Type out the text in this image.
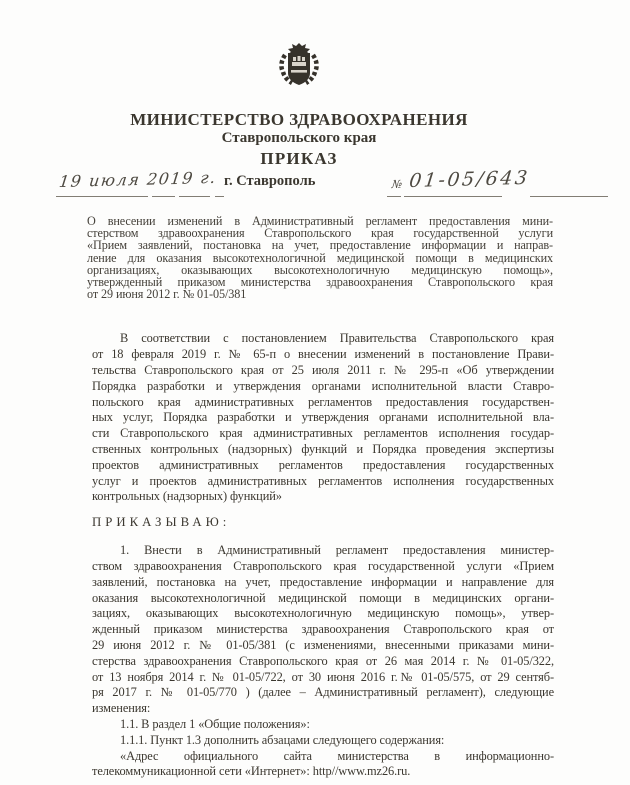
МИНИСТЕРСТВО ЗДРАВООХРАНЕНИЯ
Ставропольского края
ПРИКАЗ
19 июля 2019 г. г. Ставрополь	№ 01-05/643
О внесении изменений в Административный регламент предоставления мини-
стерством здравоохранения Ставропольского края государственной услуги
«Прием заявлений, постановка на учет, предоставление информации и направ-
ление для оказания высокотехнологичной медицинской помощи в медицинских
организациях, оказывающих высокотехнологичную медицинскую помощь»,
утвержденный приказом министерства здравоохранения Ставропольского края
от 29 июня 2012 г. № 01-05/381
В соответствии с постановлением Правительства Ставропольского края
от 18 февраля 2019 г. № 65-п о внесении изменений в постановление Прави-
тельства Ставропольского края от 25 июля 2011 г. № 295-п «Об утверждении
Порядка разработки и утверждения органами исполнительной власти Ставро-
польского края административных регламентов предоставления государствен-
ных услуг, Порядка разработки и утверждения органами исполнительной вла-
сти Ставропольского края административных регламентов исполнения государ-
ственных контрольных (надзорных) функций и Порядка проведения экспертизы
проектов административных регламентов предоставления государственных
услуг и проектов административных регламентов исполнения государственных
контрольных (надзорных) функций»
ПРИКАЗЫВАЮ:
1. Внести в Административный регламент предоставления министер-
ством здравоохранения Ставропольского края государственной услуги «Прием
заявлений, постановка на учет, предоставление информации и направление для
оказания высокотехнологичной медицинской помощи в медицинских органи-
зациях, оказывающих высокотехнологичную медицинскую помощь», утвер-
жденный приказом министерства здравоохранения Ставропольского края от
29 июня 2012 г. № 01-05/381 (с изменениями, внесенными приказами мини-
стерства здравоохранения Ставропольского края от 26 мая 2014 г. № 01-05/322,
от 13 ноября 2014 г. № 01-05/722, от 30 июня 2016 г.№ 01-05/575, от 29 сентяб-
ря 2017 г. № 01-05/770 ) (далее – Административный регламент), следующие
изменения:
1.1. В раздел 1 «Общие положения»:
1.1.1. Пункт 1.3 дополнить абзацами следующего содержания:
«Адрес официального сайта министерства в информационно-
телекоммуникационной сети «Интернет»: http//www.mz26.ru.
